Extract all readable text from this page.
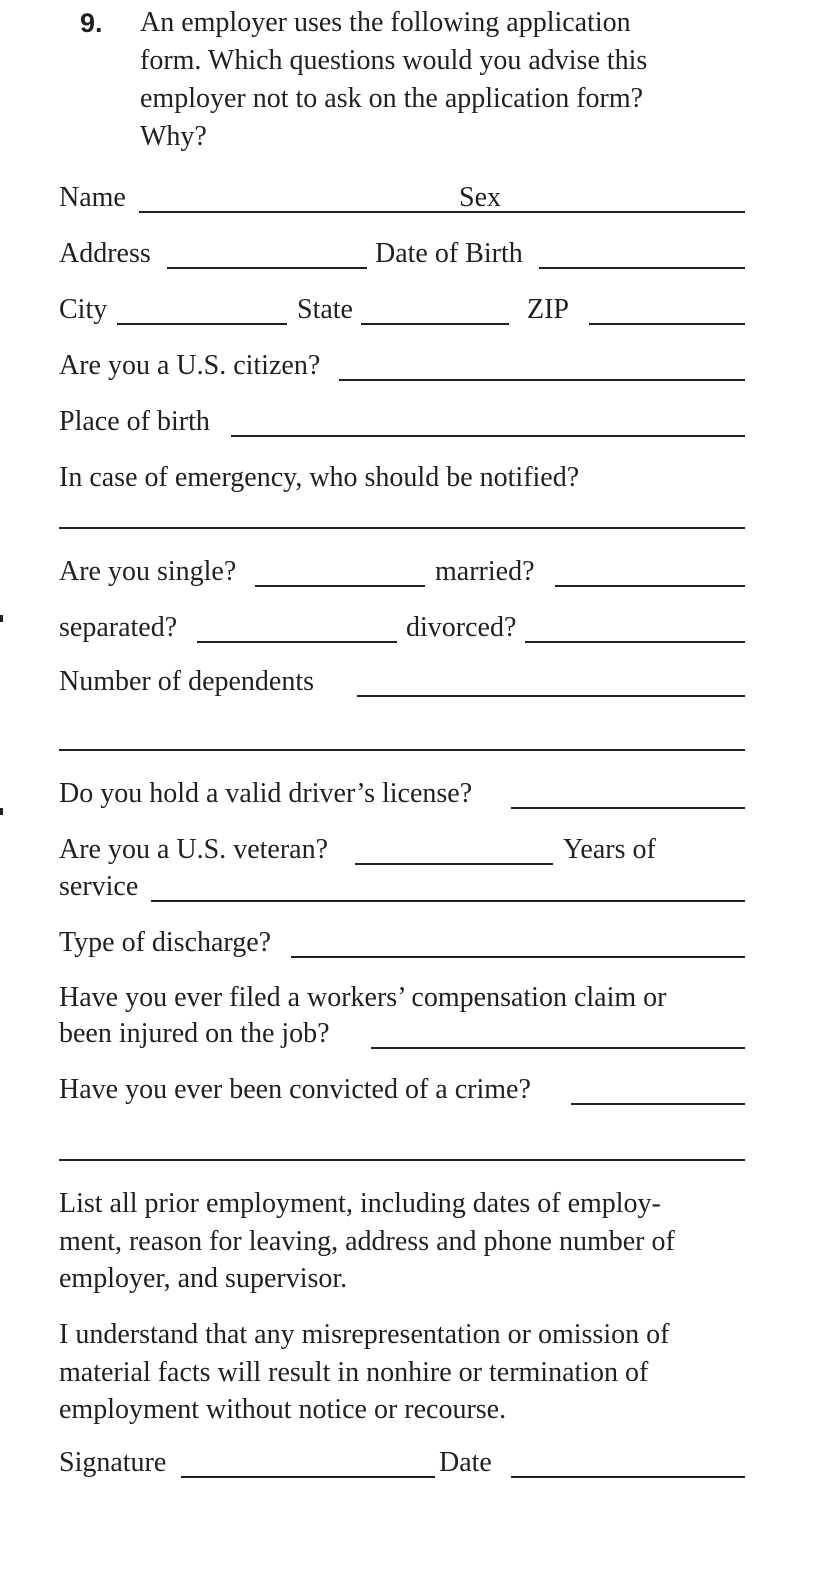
9. An employer uses the following application
form. Which questions would you advise this
employer not to ask on the application form?
Why?
Name	Sex
Address	Date of Birth
City	State	ZIP
Are you a U.S. citizen?
Place of birth
In case of emergency, who should be notified?
Are you single?	married?
separated?	divorced?
Number of dependents
Do you hold a valid driver’s license?
Are you a U.S. veteran?	Years of
service
Type of discharge?
Have you ever filed a workers’ compensation claim or
been injured on the job?
Have you ever been convicted of a crime?
List all prior employment, including dates of employ-
ment, reason for leaving, address and phone number of
employer, and supervisor.
I understand that any misrepresentation or omission of
material facts will result in nonhire or termination of
employment without notice or recourse.
Signature	Date
